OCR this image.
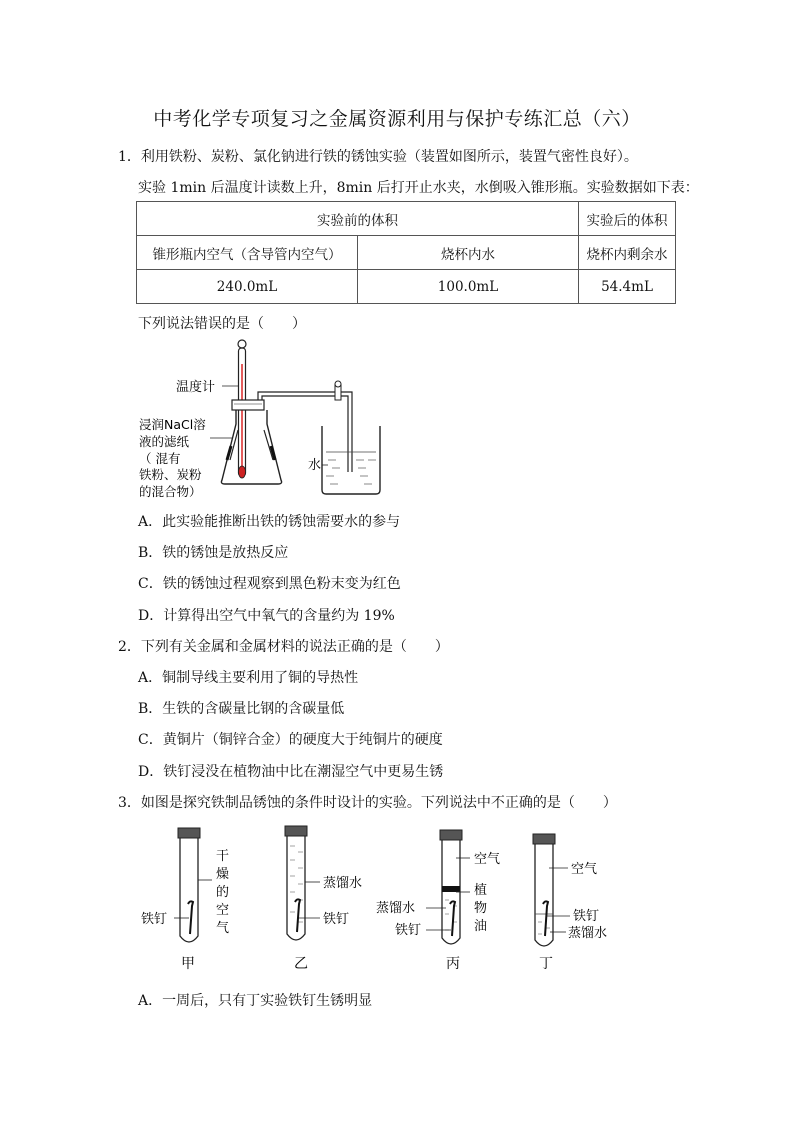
中考化学专项复习之金属资源利用与保护专练汇总（六）
1．利用铁粉、炭粉、氯化钠进行铁的锈蚀实验（装置如图所示，装置气密性良好）。
实验 1min 后温度计读数上升，8min 后打开止水夹，水倒吸入锥形瓶。实验数据如下表：
实验前的体积		实验后的体积
锥形瓶内空气（含导管内空气）	烧杯内水	烧杯内剩余水
240.0mL	100.0mL	54.4mL
下列说法错误的是（　　）
温度计
浸润NaCl溶
液的滤纸
（ 混有
铁粉、炭粉
的混合物）
水
A．此实验能推断出铁的锈蚀需要水的参与
B．铁的锈蚀是放热反应
C．铁的锈蚀过程观察到黑色粉末变为红色
D．计算得出空气中氧气的含量约为 19%
2．下列有关金属和金属材料的说法正确的是（　　）
A．铜制导线主要利用了铜的导热性
B．生铁的含碳量比钢的含碳量低
C．黄铜片（铜锌合金）的硬度大于纯铜片的硬度
D．铁钉浸没在植物油中比在潮湿空气中更易生锈
3．如图是探究铁制品锈蚀的条件时设计的实验。下列说法中不正确的是（　　）
铁钉
干
燥
的
空
气
甲
蒸馏水
铁钉
乙
空气
植
物
油
蒸馏水
铁钉
丙
空气
铁钉
蒸馏水
丁
A．一周后，只有丁实验铁钉生锈明显
